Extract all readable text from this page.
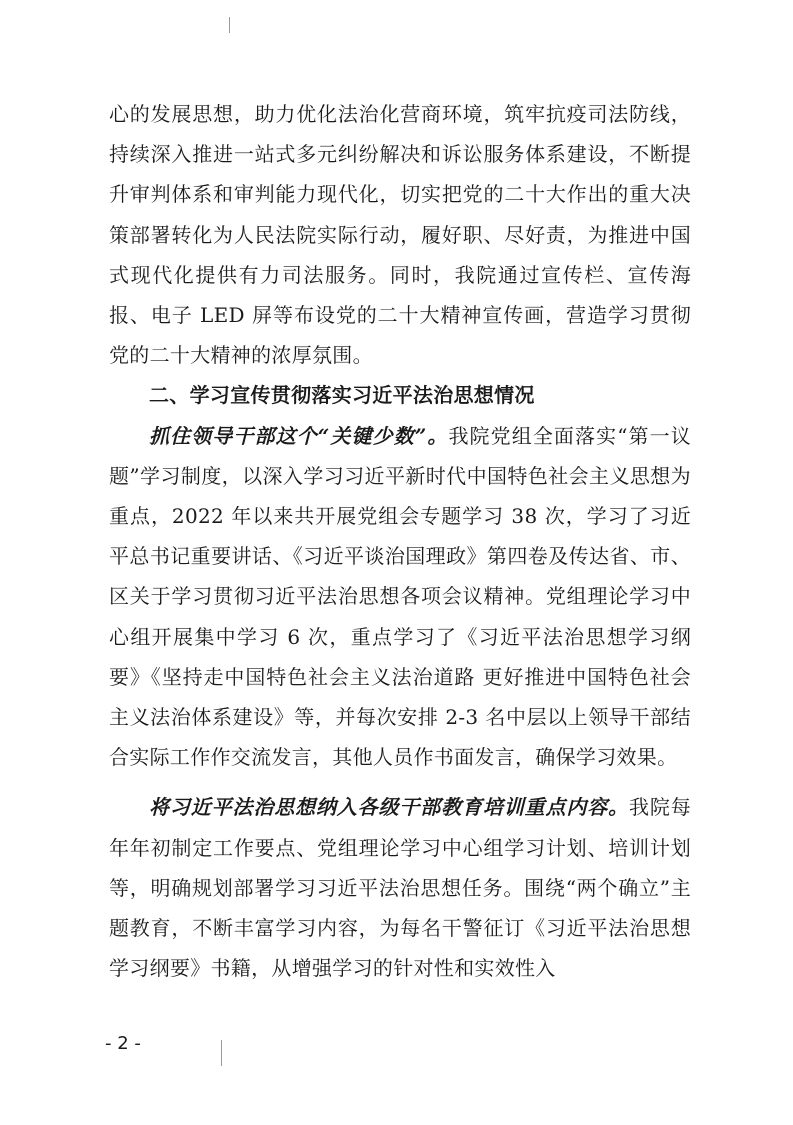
心的发展思想，助力优化法治化营商环境，筑牢抗疫司法防线，持续深入推进一站式多元纠纷解决和诉讼服务体系建设，不断提升审判体系和审判能力现代化，切实把党的二十大作出的重大决策部署转化为人民法院实际行动，履好职、尽好责，为推进中国式现代化提供有力司法服务。同时，我院通过宣传栏、宣传海报、电子 LED 屏等布设党的二十大精神宣传画，营造学习贯彻党的二十大精神的浓厚氛围。

二、学习宣传贯彻落实习近平法治思想情况

抓住领导干部这个“关键少数”。我院党组全面落实“第一议题”学习制度，以深入学习习近平新时代中国特色社会主义思想为重点，2022 年以来共开展党组会专题学习 38 次，学习了习近平总书记重要讲话、《习近平谈治国理政》第四卷及传达省、市、区关于学习贯彻习近平法治思想各项会议精神。党组理论学习中心组开展集中学习 6 次，重点学习了《习近平法治思想学习纲要》《坚持走中国特色社会主义法治道路 更好推进中国特色社会主义法治体系建设》等，并每次安排 2-3 名中层以上领导干部结合实际工作作交流发言，其他人员作书面发言，确保学习效果。

将习近平法治思想纳入各级干部教育培训重点内容。我院每年年初制定工作要点、党组理论学习中心组学习计划、培训计划等，明确规划部署学习习近平法治思想任务。围绕“两个确立”主题教育，不断丰富学习内容，为每名干警征订《习近平法治思想学习纲要》书籍，从增强学习的针对性和实效性入

- 2 -
